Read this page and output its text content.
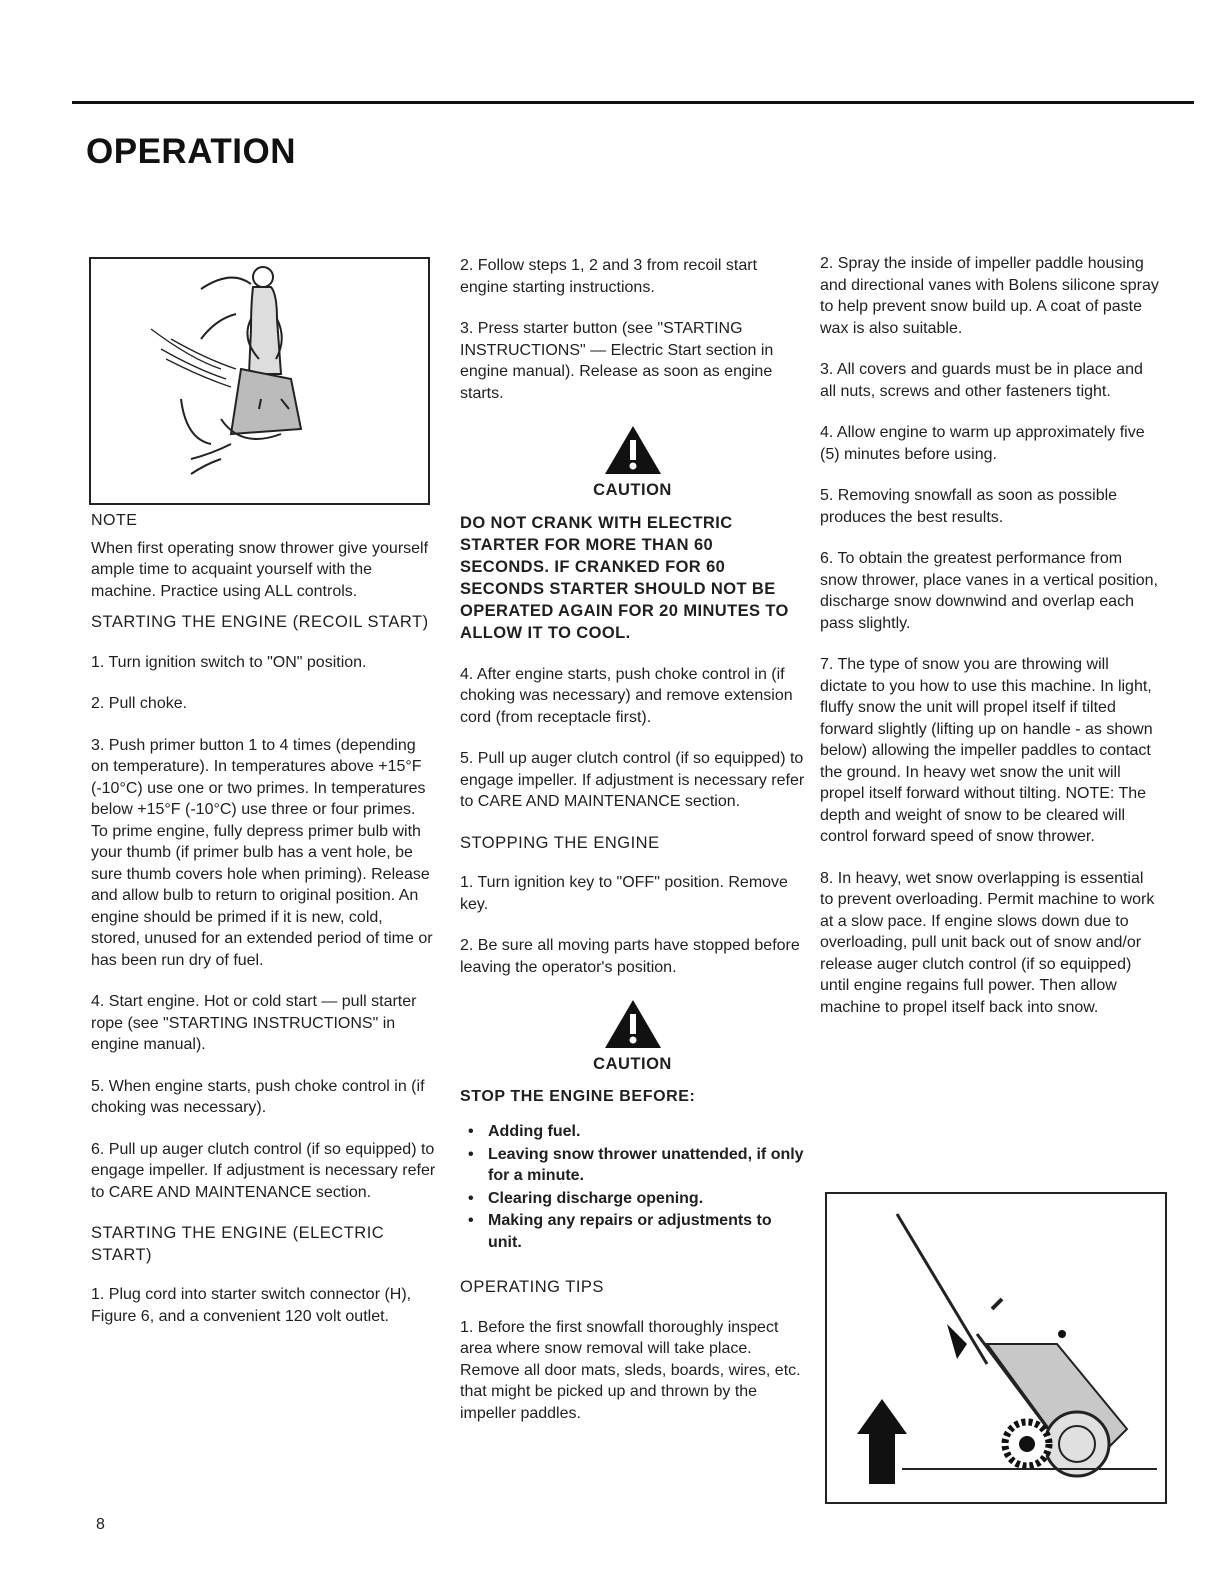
OPERATION

NOTE

When first operating snow thrower give yourself ample time to acquaint yourself with the machine. Practice using ALL controls.

STARTING THE ENGINE (RECOIL START)

1. Turn ignition switch to "ON" position.

2. Pull choke.

3. Push primer button 1 to 4 times (depending on temperature). In temperatures above +15°F (-10°C) use one or two primes. In temperatures below +15°F (-10°C) use three or four primes. To prime engine, fully depress primer bulb with your thumb (if primer bulb has a vent hole, be sure thumb covers hole when priming). Release and allow bulb to return to original position. An engine should be primed if it is new, cold, stored, unused for an extended period of time or has been run dry of fuel.

4. Start engine. Hot or cold start — pull starter rope (see "STARTING INSTRUCTIONS" in engine manual).

5. When engine starts, push choke control in (if choking was necessary).

6. Pull up auger clutch control (if so equipped) to engage impeller. If adjustment is necessary refer to CARE AND MAINTENANCE section.

STARTING THE ENGINE (ELECTRIC START)

1. Plug cord into starter switch connector (H), Figure 6, and a convenient 120 volt outlet.

2. Follow steps 1, 2 and 3 from recoil start engine starting instructions.

3. Press starter button (see "STARTING INSTRUCTIONS" — Electric Start section in engine manual). Release as soon as engine starts.

CAUTION

DO NOT CRANK WITH ELECTRIC STARTER FOR MORE THAN 60 SECONDS. IF CRANKED FOR 60 SECONDS STARTER SHOULD NOT BE OPERATED AGAIN FOR 20 MINUTES TO ALLOW IT TO COOL.

4. After engine starts, push choke control in (if choking was necessary) and remove extension cord (from receptacle first).

5. Pull up auger clutch control (if so equipped) to engage impeller. If adjustment is necessary refer to CARE AND MAINTENANCE section.

STOPPING THE ENGINE

1. Turn ignition key to "OFF" position. Remove key.

2. Be sure all moving parts have stopped before leaving the operator's position.

CAUTION
STOP THE ENGINE BEFORE:
• Adding fuel.
• Leaving snow thrower unattended, if only for a minute.
• Clearing discharge opening.
• Making any repairs or adjustments to unit.
OPERATING TIPS

1. Before the first snowfall thoroughly inspect area where snow removal will take place. Remove all door mats, sleds, boards, wires, etc. that might be picked up and thrown by the impeller paddles.

2. Spray the inside of impeller paddle housing and directional vanes with Bolens silicone spray to help prevent snow build up. A coat of paste wax is also suitable.

3. All covers and guards must be in place and all nuts, screws and other fasteners tight.

4. Allow engine to warm up approximately five (5) minutes before using.

5. Removing snowfall as soon as possible produces the best results.

6. To obtain the greatest performance from snow thrower, place vanes in a vertical position, discharge snow downwind and overlap each pass slightly.

7. The type of snow you are throwing will dictate to you how to use this machine. In light, fluffy snow the unit will propel itself if tilted forward slightly (lifting up on handle - as shown below) allowing the impeller paddles to contact the ground. In heavy wet snow the unit will propel itself forward without tilting. NOTE: The depth and weight of snow to be cleared will control forward speed of snow thrower.

8. In heavy, wet snow overlapping is essential to prevent overloading. Permit machine to work at a slow pace. If engine slows down due to overloading, pull unit back out of snow and/or release auger clutch control (if so equipped) until engine regains full power. Then allow machine to propel itself back into snow.

8
